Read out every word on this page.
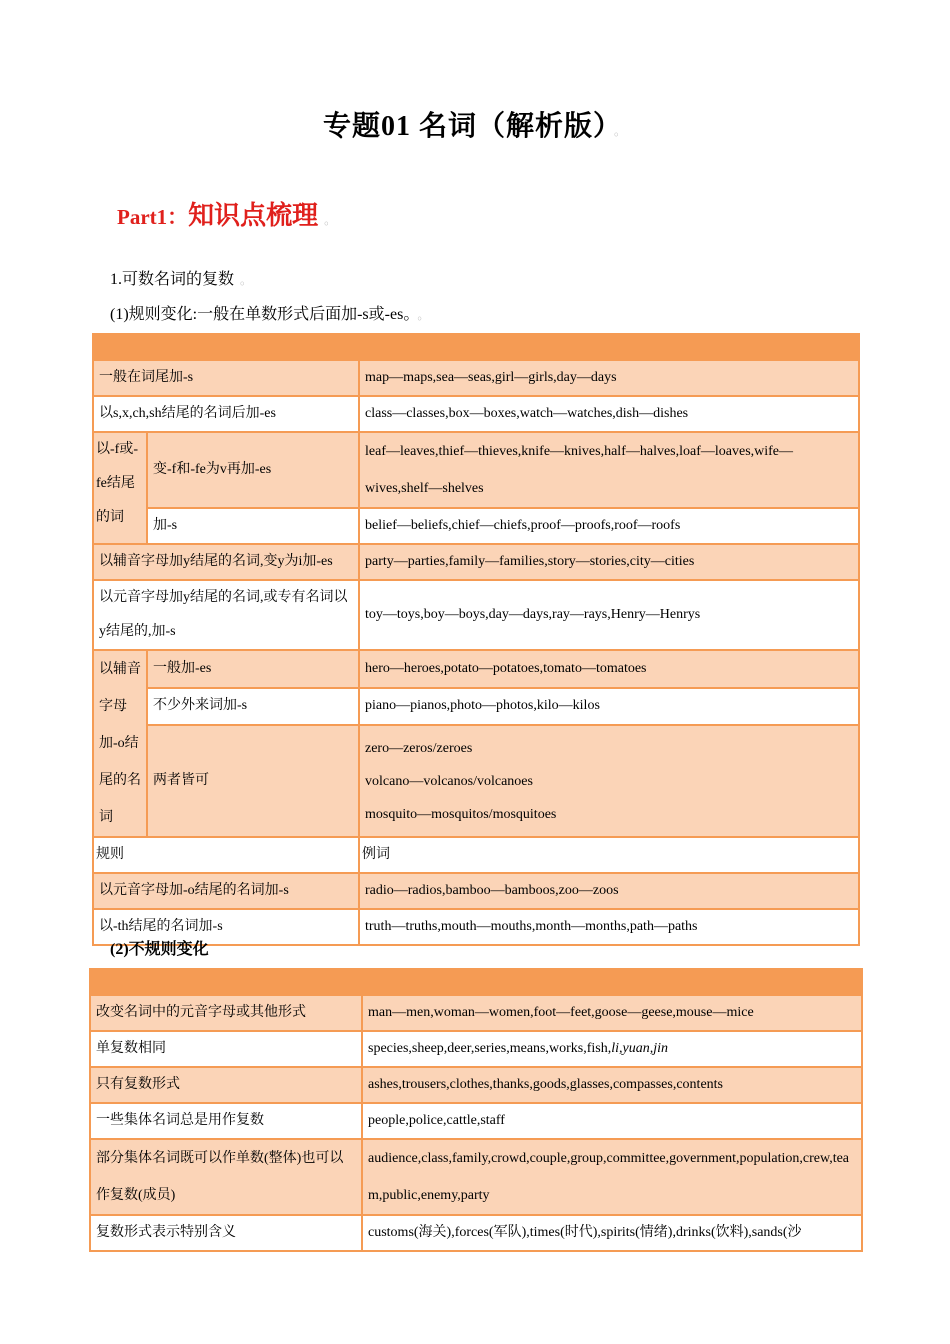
专题01 名词（解析版） 。
Part1：知识点梳理 。
1.可数名词的复数 。
(1)规则变化:一般在单数形式后面加-s或-es。 。

一般在词尾加-s		map—maps,sea—seas,girl—girls,day—days
以s,x,ch,sh结尾的名词后加-es		class—classes,box—boxes,watch—watches,dish—dishes
以-f或-fe结尾的词	变-f和-fe为v再加-es	leaf—leaves,thief—thieves,knife—knives,half—halves,loaf—loaves,wife—wives,shelf—shelves
	加-s	belief—beliefs,chief—chiefs,proof—proofs,roof—roofs
以辅音字母加y结尾的名词,变y为i加-es		party—parties,family—families,story—stories,city—cities
以元音字母加y结尾的名词,或专有名词以y结尾的,加-s		toy—toys,boy—boys,day—days,ray—rays,Henry—Henrys
以辅音字母加-o结尾的名词	一般加-es	hero—heroes,potato—potatoes,tomato—tomatoes
	不少外来词加-s	piano—pianos,photo—photos,kilo—kilos
	两者皆可	zero—zeros/zeroes
volcano—volcanos/volcanoes
mosquito—mosquitos/mosquitoes

规则		例词
以元音字母加-o结尾的名词加-s		radio—radios,bamboo—bamboos,zoo—zoos
以-th结尾的名词加-s		truth—truths,mouth—mouths,month—months,path—paths
(2)不规则变化

改变名词中的元音字母或其他形式	man—men,woman—women,foot—feet,goose—geese,mouse—mice
单复数相同	species,sheep,deer,series,means,works,fish,li,yuan,jin
只有复数形式	ashes,trousers,clothes,thanks,goods,glasses,compasses,contents
一些集体名词总是用作复数	people,police,cattle,staff
部分集体名词既可以作单数(整体)也可以作复数(成员)	audience,class,family,crowd,couple,group,committee,government,population,crew,team,public,enemy,party
复数形式表示特别含义	customs(海关),forces(军队),times(时代),spirits(情绪),drinks(饮料),sands(沙
